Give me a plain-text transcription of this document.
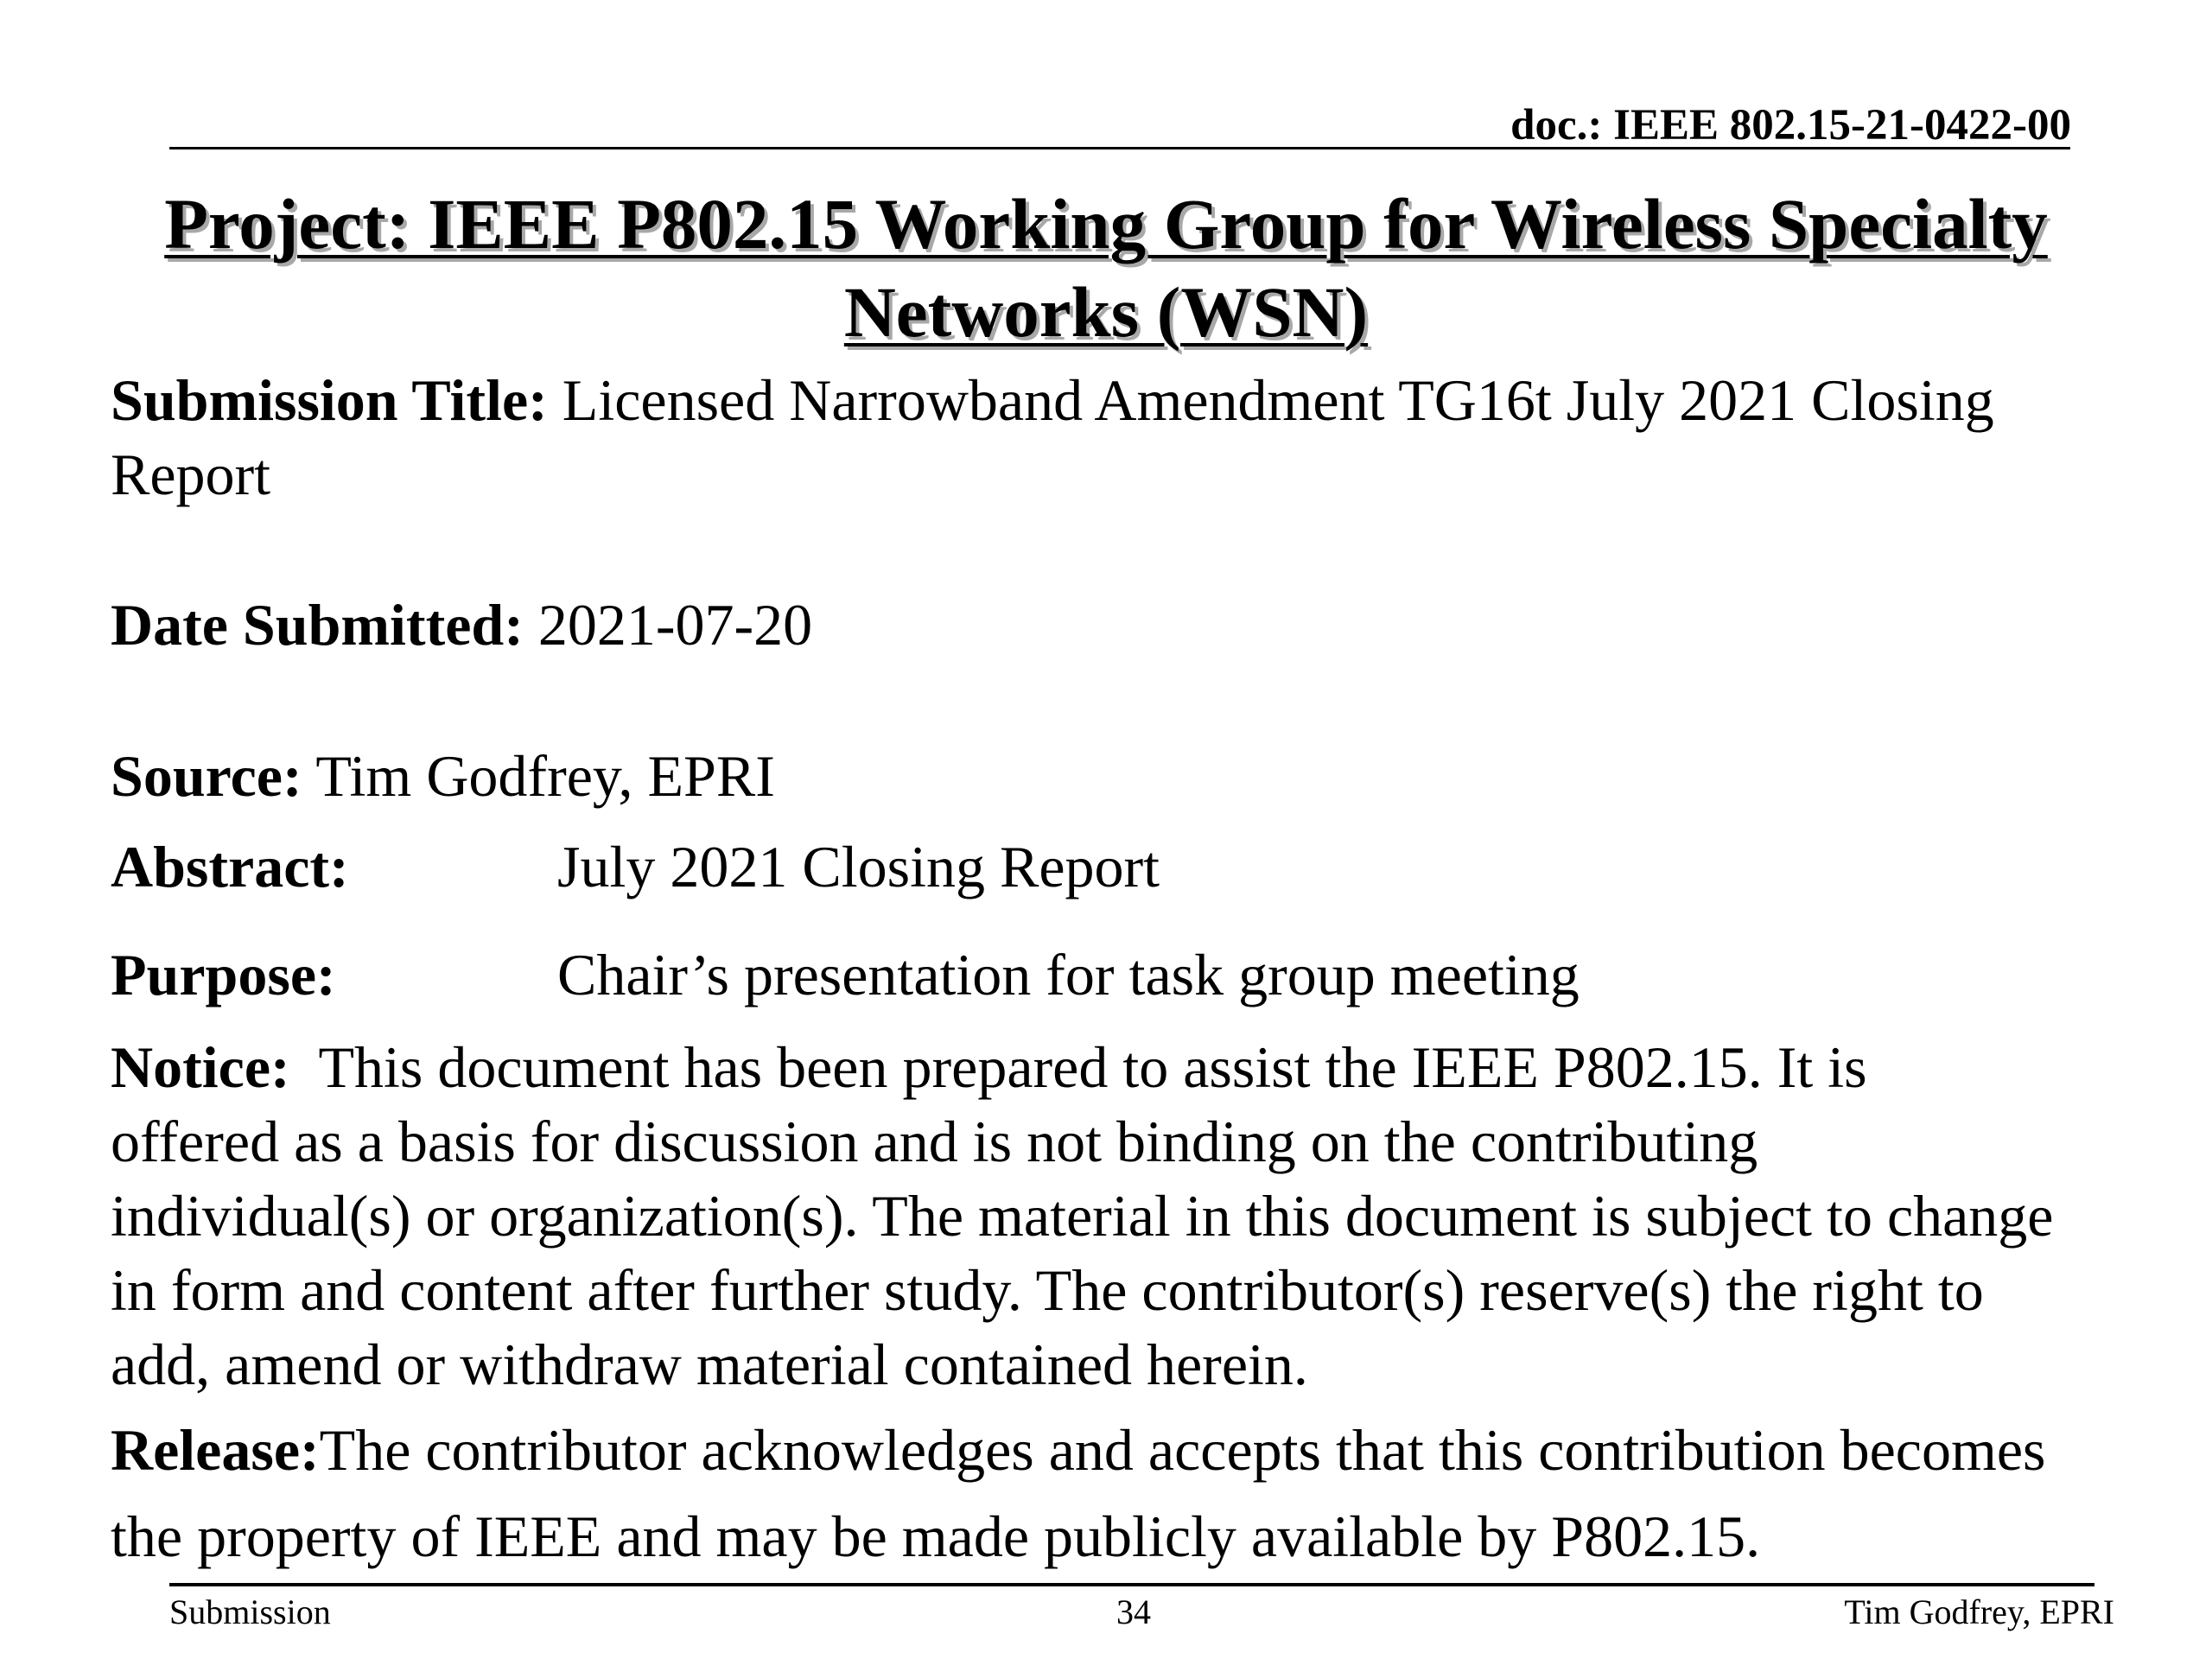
doc.: IEEE 802.15-21-0422-00
Project: IEEE P802.15 Working Group for Wireless Specialty
Networks (WSN)

Submission Title: Licensed Narrowband Amendment TG16t July 2021 Closing
Report

Date Submitted: 2021-07-20

Source: Tim Godfrey, EPRI

Abstract:	July 2021 Closing Report
Purpose:	Chair’s presentation for task group meeting

Notice: This document has been prepared to assist the IEEE P802.15. It is
offered as a basis for discussion and is not binding on the contributing
individual(s) or organization(s). The material in this document is subject to change
in form and content after further study. The contributor(s) reserve(s) the right to
add, amend or withdraw material contained herein.

Release:The contributor acknowledges and accepts that this contribution becomes
the property of IEEE and may be made publicly available by P802.15.

Submission	34	Tim Godfrey, EPRI
